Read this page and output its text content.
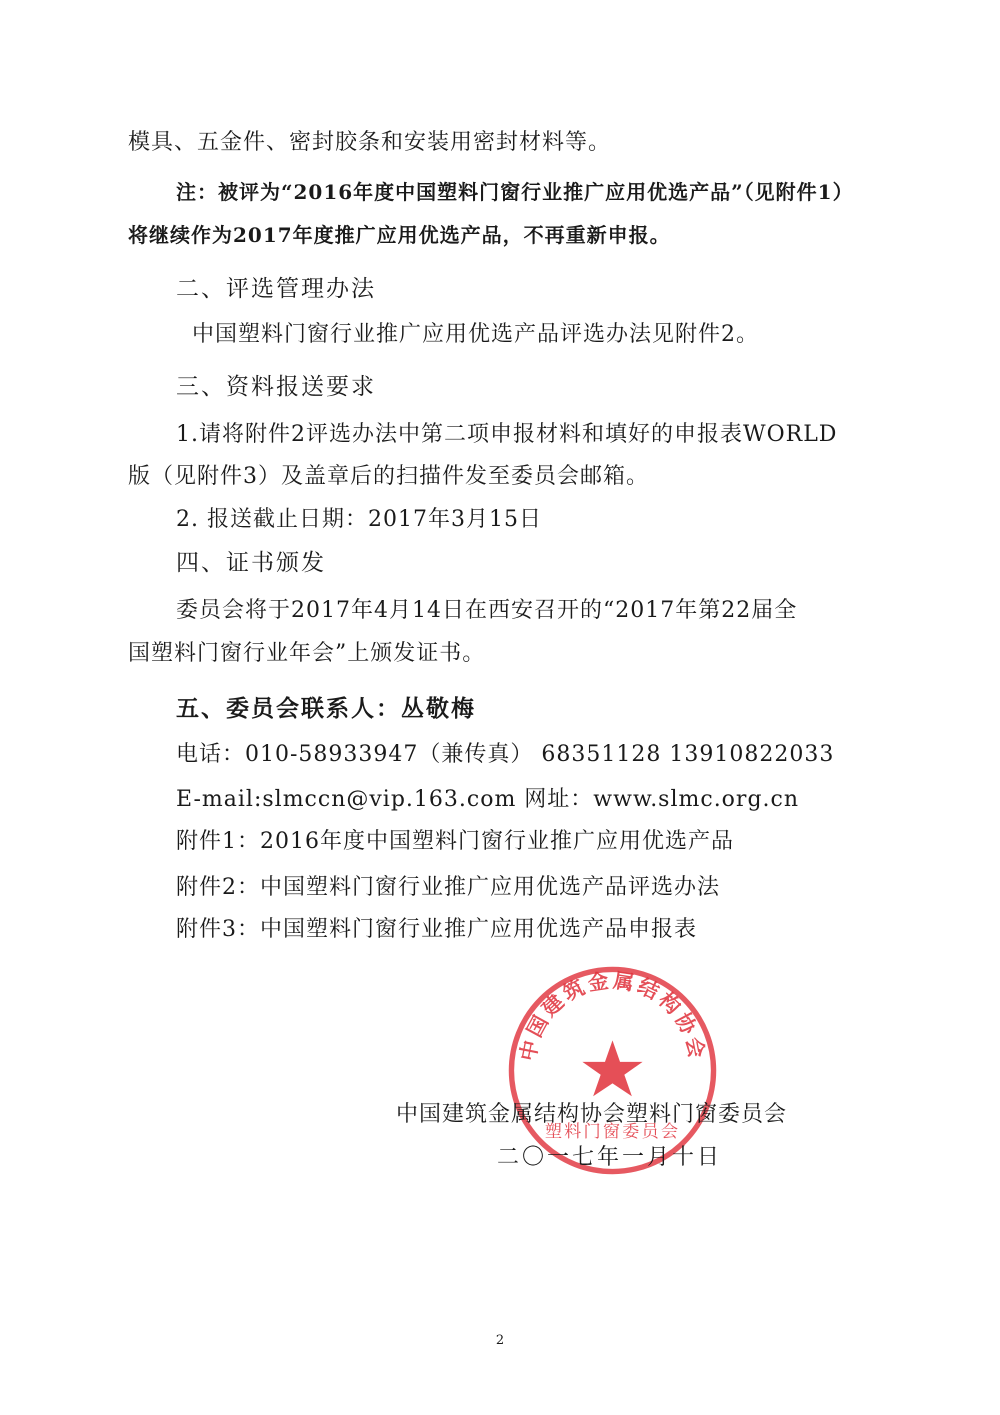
模具、五金件、密封胶条和安装用密封材料等。
注：被评为“2016年度中国塑料门窗行业推广应用优选产品”（见附件1）
将继续作为2017年度推广应用优选产品，不再重新申报。
二、评选管理办法
中国塑料门窗行业推广应用优选产品评选办法见附件2。
三、资料报送要求
1.请将附件2评选办法中第二项申报材料和填好的申报表WORLD
版（见附件3）及盖章后的扫描件发至委员会邮箱。
2. 报送截止日期：2017年3月15日
四、证书颁发
委员会将于2017年4月14日在西安召开的“2017年第22届全
国塑料门窗行业年会”上颁发证书。
五、委员会联系人：丛敬梅
电话：010-58933947（兼传真） 68351128 13910822033
E-mail:slmccn@vip.163.com 网址：www.slmc.org.cn
附件1：2016年度中国塑料门窗行业推广应用优选产品
附件2：中国塑料门窗行业推广应用优选产品评选办法
附件3：中国塑料门窗行业推广应用优选产品申报表
中国建筑金属结构协会
塑料门窗委员会
中国建筑金属结构协会塑料门窗委员会
二〇一七年一月十日
2
